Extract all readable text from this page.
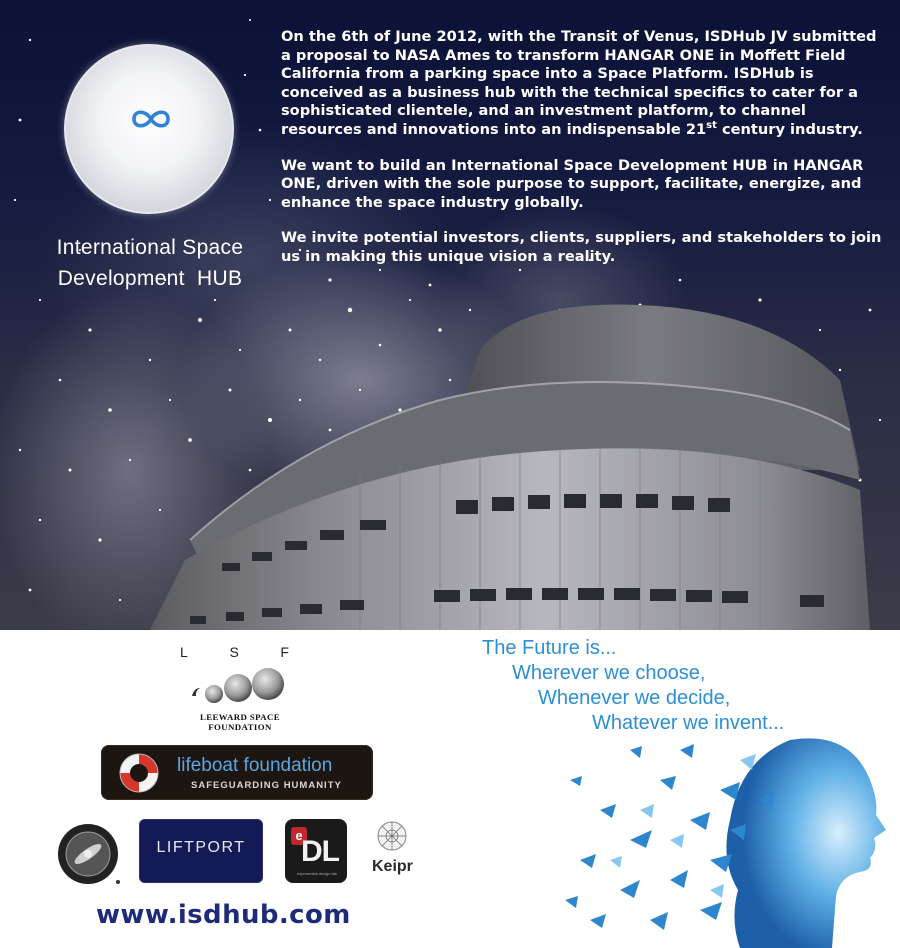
International Space
Development  HUB

On the 6th of June 2012, with the Transit of Venus, ISDHub JV submitted a proposal to NASA Ames to transform HANGAR ONE in Moffett Field California from a parking space into a Space Platform. ISDHub is conceived as a business hub with the technical specifics to cater for a sophisticated clientele, and an investment platform, to channel resources and innovations into an indispensable 21st century industry.

We want to build an International Space Development HUB in HANGAR ONE, driven with the sole purpose to support, facilitate, energize, and enhance the space industry globally.

We invite potential investors, clients, suppliers, and stakeholders to join us in making this unique vision a reality.

L	S	F
LEEWARD SPACE FOUNDATION
lifeboat foundation
SAFEGUARDING HUMANITY
LIFTPORT

e
DL
exponential design lab	Keipr
www.isdhub.com
The Future is...
Wherever we choose,
Whenever we decide,
Whatever we invent...
